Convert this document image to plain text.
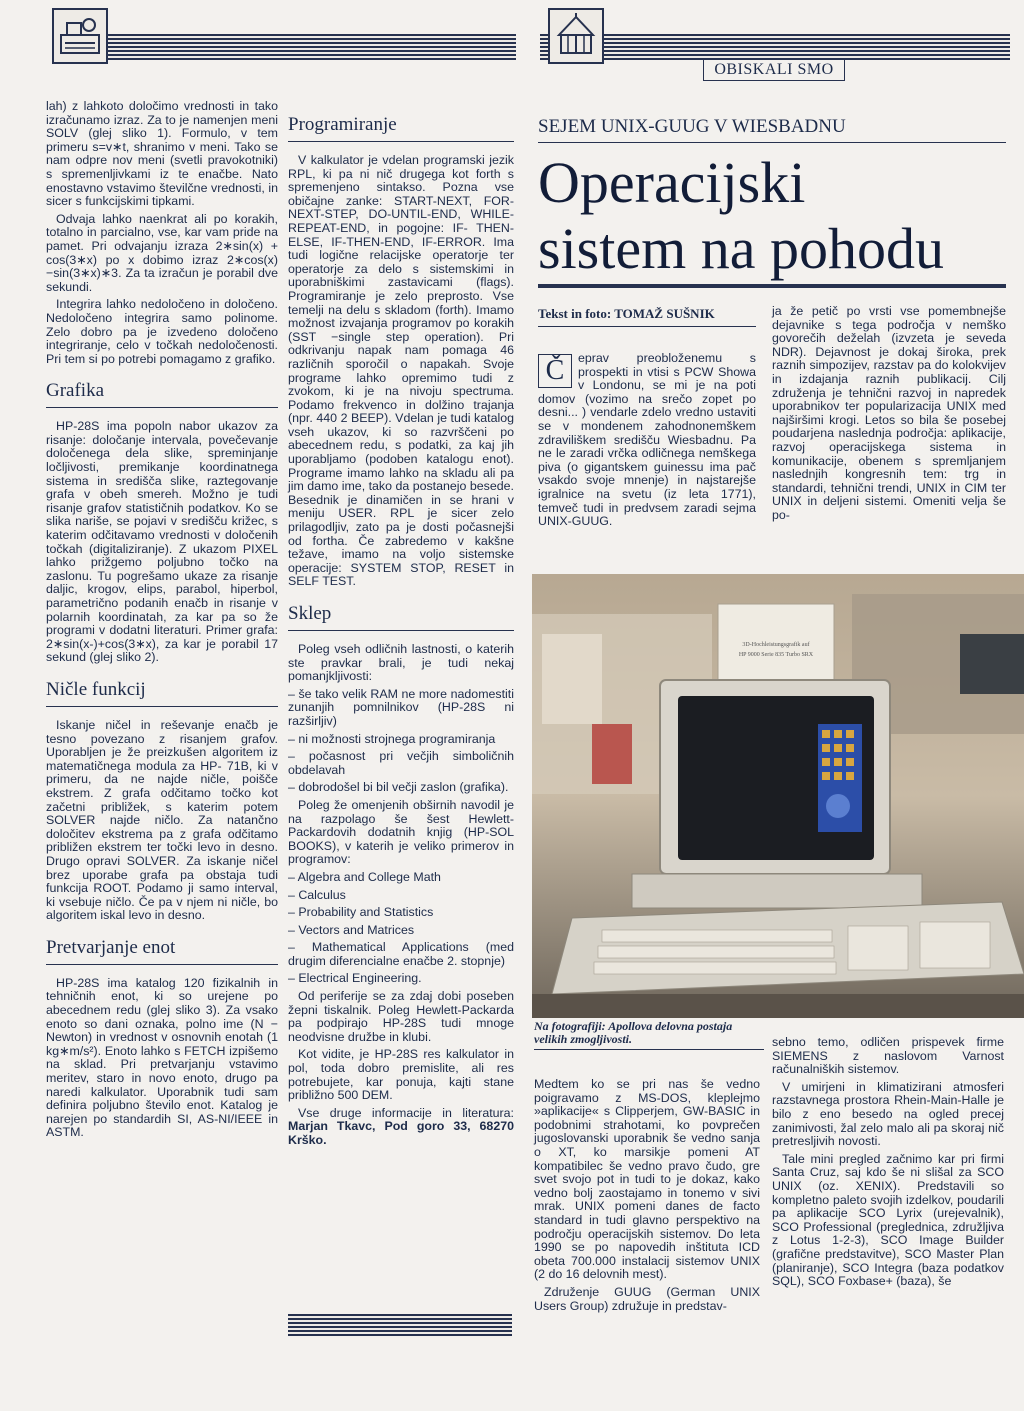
OBISKALI SMO

lah) z lahkoto določimo vrednosti in tako izračunamo izraz. Za to je namenjen meni SOLV (glej sliko 1). Formulo, v tem primeru s=v∗t, shranimo v meni. Tako se nam odpre nov meni (svetli pravokotniki) s spremenljivkami iz te enačbe. Nato enostavno vstavimo številčne vrednosti, in sicer s funkcijskimi tipkami.

Odvaja lahko naenkrat ali po korakih, totalno in parcialno, vse, kar vam pride na pamet. Pri odvajanju izraza 2∗sin(x) + cos(3∗x) po x dobimo izraz 2∗cos(x)−sin(3∗x)∗3. Za ta izračun je porabil dve sekundi.

Integrira lahko nedoločeno in določeno. Nedoločeno integrira samo polinome. Zelo dobro pa je izvedeno določeno integriranje, celo v točkah nedoločenosti. Pri tem si po potrebi pomagamo z grafiko.

Grafika

HP-28S ima popoln nabor ukazov za risanje: določanje intervala, povečevanje določenega dela slike, spreminjanje ločljivosti, premikanje koordinatnega sistema in središča slike, raztegovanje grafa v obeh smereh. Možno je tudi risanje grafov statističnih podatkov. Ko se slika nariše, se pojavi v središču križec, s katerim odčitavamo vrednosti v določenih točkah (digitaliziranje). Z ukazom PIXEL lahko prižgemo poljubno točko na zaslonu. Tu pogrešamo ukaze za risanje daljic, krogov, elips, parabol, hiperbol, parametrično podanih enačb in risanje v polarnih koordinatah, za kar pa so že programi v dodatni literaturi. Primer grafa: 2∗sin(x-)+cos(3∗x), za kar je porabil 17 sekund (glej sliko 2).

Ničle funkcij

Iskanje ničel in reševanje enačb je tesno povezano z risanjem grafov. Uporabljen je že preizkušen algoritem iz matematičnega modula za HP- 71B, ki v primeru, da ne najde ničle, poišče ekstrem. Z grafa odčitamo točko kot začetni približek, s katerim potem SOLVER najde ničlo. Za natančno določitev ekstrema pa z grafa odčitamo približen ekstrem ter točki levo in desno. Drugo opravi SOLVER. Za iskanje ničel brez uporabe grafa pa obstaja tudi funkcija ROOT. Podamo ji samo interval, ki vsebuje ničlo. Če pa v njem ni ničle, bo algoritem iskal levo in desno.

Pretvarjanje enot

HP-28S ima katalog 120 fizikalnih in tehničnih enot, ki so urejene po abecednem redu (glej sliko 3). Za vsako enoto so dani oznaka, polno ime (N − Newton) in vrednost v osnovnih enotah (1 kg∗m/s²). Enoto lahko s FETCH izpišemo na sklad. Pri pretvarjanju vstavimo meritev, staro in novo enoto, drugo pa naredi kalkulator. Uporabnik tudi sam definira poljubno število enot. Katalog je narejen po standardih SI, AS-NI/IEEE in ASTM.

Programiranje

V kalkulator je vdelan programski jezik RPL, ki pa ni nič drugega kot forth s spremenjeno sintakso. Pozna vse običajne zanke: START-NEXT, FOR-NEXT-STEP, DO-UNTIL-END, WHILE-REPEAT-END, in pogojne: IF- THEN-ELSE, IF-THEN-END, IF-ERROR. Ima tudi logične relacijske operatorje ter operatorje za delo s sistemskimi in uporabniškimi zastavicami (flags). Programiranje je zelo preprosto. Vse temelji na delu s skladom (forth). Imamo možnost izvajanja programov po korakih (SST −single step operation). Pri odkrivanju napak nam pomaga 46 različnih sporočil o napakah. Svoje programe lahko opremimo tudi z zvokom, ki je na nivoju spectruma. Podamo frekvenco in dolžino trajanja (npr. 440 2 BEEP). Vdelan je tudi katalog vseh ukazov, ki so razvrščeni po abecednem redu, s podatki, za kaj jih uporabljamo (podoben katalogu enot). Programe imamo lahko na skladu ali pa jim damo ime, tako da postanejo besede. Besednik je dinamičen in se hrani v meniju USER. RPL je sicer zelo prilagodljiv, zato pa je dosti počasnejši od fortha. Če zabredemo v kakšne težave, imamo na voljo sistemske operacije: SYSTEM STOP, RESET in SELF TEST.

Sklep

Poleg vseh odličnih lastnosti, o katerih ste pravkar brali, je tudi nekaj pomanjkljivosti:

– še tako velik RAM ne more nadomestiti zunanjih pomnilnikov (HP-28S ni razširljiv)

– ni možnosti strojnega programiranja

– počasnost pri večjih simboličnih obdelavah

– dobrodošel bi bil večji zaslon (grafika).

Poleg že omenjenih obširnih navodil je na razpolago še šest Hewlett- Packardovih dodatnih knjig (HP-SOL BOOKS), v katerih je veliko primerov in programov:

– Algebra and College Math

– Calculus

– Probability and Statistics

– Vectors and Matrices

– Mathematical Applications (med drugim diferencialne enačbe 2. stopnje)

– Electrical Engineering.

Od periferije se za zdaj dobi poseben žepni tiskalnik. Poleg Hewlett-Packarda pa podpirajo HP-28S tudi mnoge neodvisne družbe in klubi.

Kot vidite, je HP-28S res kalkulator in pol, toda dobro premislite, ali res potrebujete, kar ponuja, kajti stane približno 500 DEM.

Vse druge informacije in literatura: Marjan Tkavc, Pod goro 33, 68270 Krško.

SEJEM UNIX-GUUG V WIESBADNU
Operacijski
sistem na pohodu
Tekst in foto: TOMAŽ SUŠNIK

Č	eprav preobloženemu s prospekti in vtisi s PCW Showa v Londonu, se mi je na poti domov (vozimo na srečo zopet po desni... ) vendarle zdelo vredno ustaviti se v mondenem zahodnonemškem zdraviliškem središču Wiesbadnu. Pa ne le zaradi vrčka odličnega nemškega piva (o gigantskem guinessu ima pač vsakdo svoje mnenje) in najstarejše igralnice na svetu (iz leta 1771), temveč tudi in predvsem zaradi sejma UNIX-GUUG.

ja že petič po vrsti vse pomembnejše dejavnike s tega področja v nemško govorečih deželah (izvzeta je seveda NDR). Dejavnost je dokaj široka, prek raznih simpozijev, razstav pa do kolokvijev in izdajanja raznih publikacij. Cilj združenja je tehnični razvoj in napredek uporabnikov ter popularizacija UNIX med najširšimi krogi. Letos so bila še posebej poudarjena naslednja področja: aplikacije, razvoj operacijskega sistema in komunikacije, obenem s spremljanjem naslednjih kongresnih tem: trg in standardi, tehnični trendi, UNIX in CIM ter UNIX in deljeni sistemi. Omeniti velja še po-

3D-Hochleistungsgrafik auf
HP 9000 Serie 835 Turbo SRX
Na fotografiji: Apollova delovna postaja velikih zmogljivosti.

Medtem ko se pri nas še vedno poigravamo z MS-DOS, kleplejmo »aplikacije« s Clipperjem, GW-BASIC in podobnimi strahotami, ko povprečen jugoslovanski uporabnik še vedno sanja o XT, ko marsikje pomeni AT kompatibilec še vedno pravo čudo, gre svet svojo pot in tudi to je dokaz, kako vedno bolj zaostajamo in tonemo v sivi mrak. UNIX pomeni danes de facto standard in tudi glavno perspektivo na področju operacijskih sistemov. Do leta 1990 se po napovedih inštituta ICD obeta 700.000 instalacij sistemov UNIX (2 do 16 delovnih mest).

Združenje GUUG (German UNIX Users Group) združuje in predstav-

sebno temo, odličen prispevek firme SIEMENS z naslovom Varnost računalniških sistemov.

V umirjeni in klimatizirani atmosferi razstavnega prostora Rhein-Main-Halle je bilo z eno besedo na ogled precej zanimivosti, žal zelo malo ali pa skoraj nič pretresljivih novosti.

Tale mini pregled začnimo kar pri firmi Santa Cruz, saj kdo še ni slišal za SCO UNIX (oz. XENIX). Predstavili so kompletno paleto svojih izdelkov, poudarili pa aplikacije SCO Lyrix (urejevalnik), SCO Professional (preglednica, združljiva z Lotus 1-2-3), SCO Image Builder (grafične predstavitve), SCO Master Plan (planiranje), SCO Integra (baza podatkov SQL), SCO Foxbase+ (baza), še
